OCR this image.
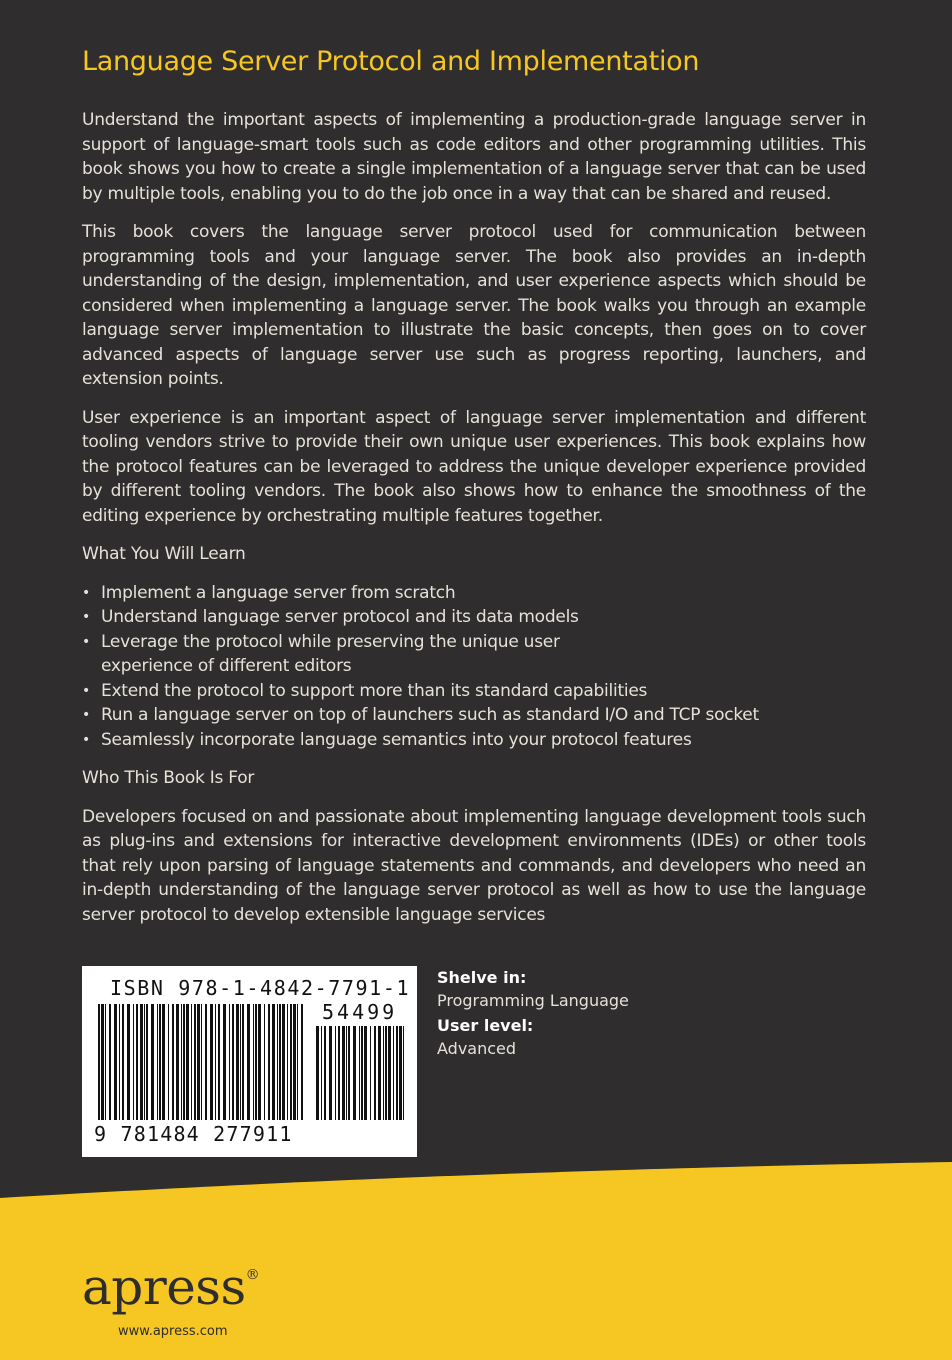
Language Server Protocol and Implementation

Understand the important aspects of implementing a production-grade language server in support of language-smart tools such as code editors and other programming utilities. This book shows you how to create a single implementation of a language server that can be used by multiple tools, enabling you to do the job once in a way that can be shared and reused.

This book covers the language server protocol used for communication between programming tools and your language server. The book also provides an in-depth understanding of the design, implementation, and user experience aspects which should be considered when implementing a language server. The book walks you through an example language server implementation to illustrate the basic concepts, then goes on to cover advanced aspects of language server use such as progress reporting, launchers, and extension points.

User experience is an important aspect of language server implementation and different tooling vendors strive to provide their own unique user experiences. This book explains how the protocol features can be leveraged to address the unique developer experience provided by different tooling vendors. The book also shows how to enhance the smoothness of the editing experience by orchestrating multiple features together.

What You Will Learn
• Implement a language server from scratch
• Understand language server protocol and its data models
• Leverage the protocol while preserving the unique user experience of different editors
• Extend the protocol to support more than its standard capabilities
• Run a language server on top of launchers such as standard I/O and TCP socket
• Seamlessly incorporate language semantics into your protocol features
Who This Book Is For

Developers focused on and passionate about implementing language development tools such as plug-ins and extensions for interactive development environments (IDEs) or other tools that rely upon parsing of language statements and commands, and developers who need an in-depth understanding of the language server protocol as well as how to use the language server protocol to develop extensible language services

ISBN 978-1-4842-7791-1
54499
9 781484 277911
Shelve in:
Programming Language
User level:
Advanced
apress®
www.apress.com
